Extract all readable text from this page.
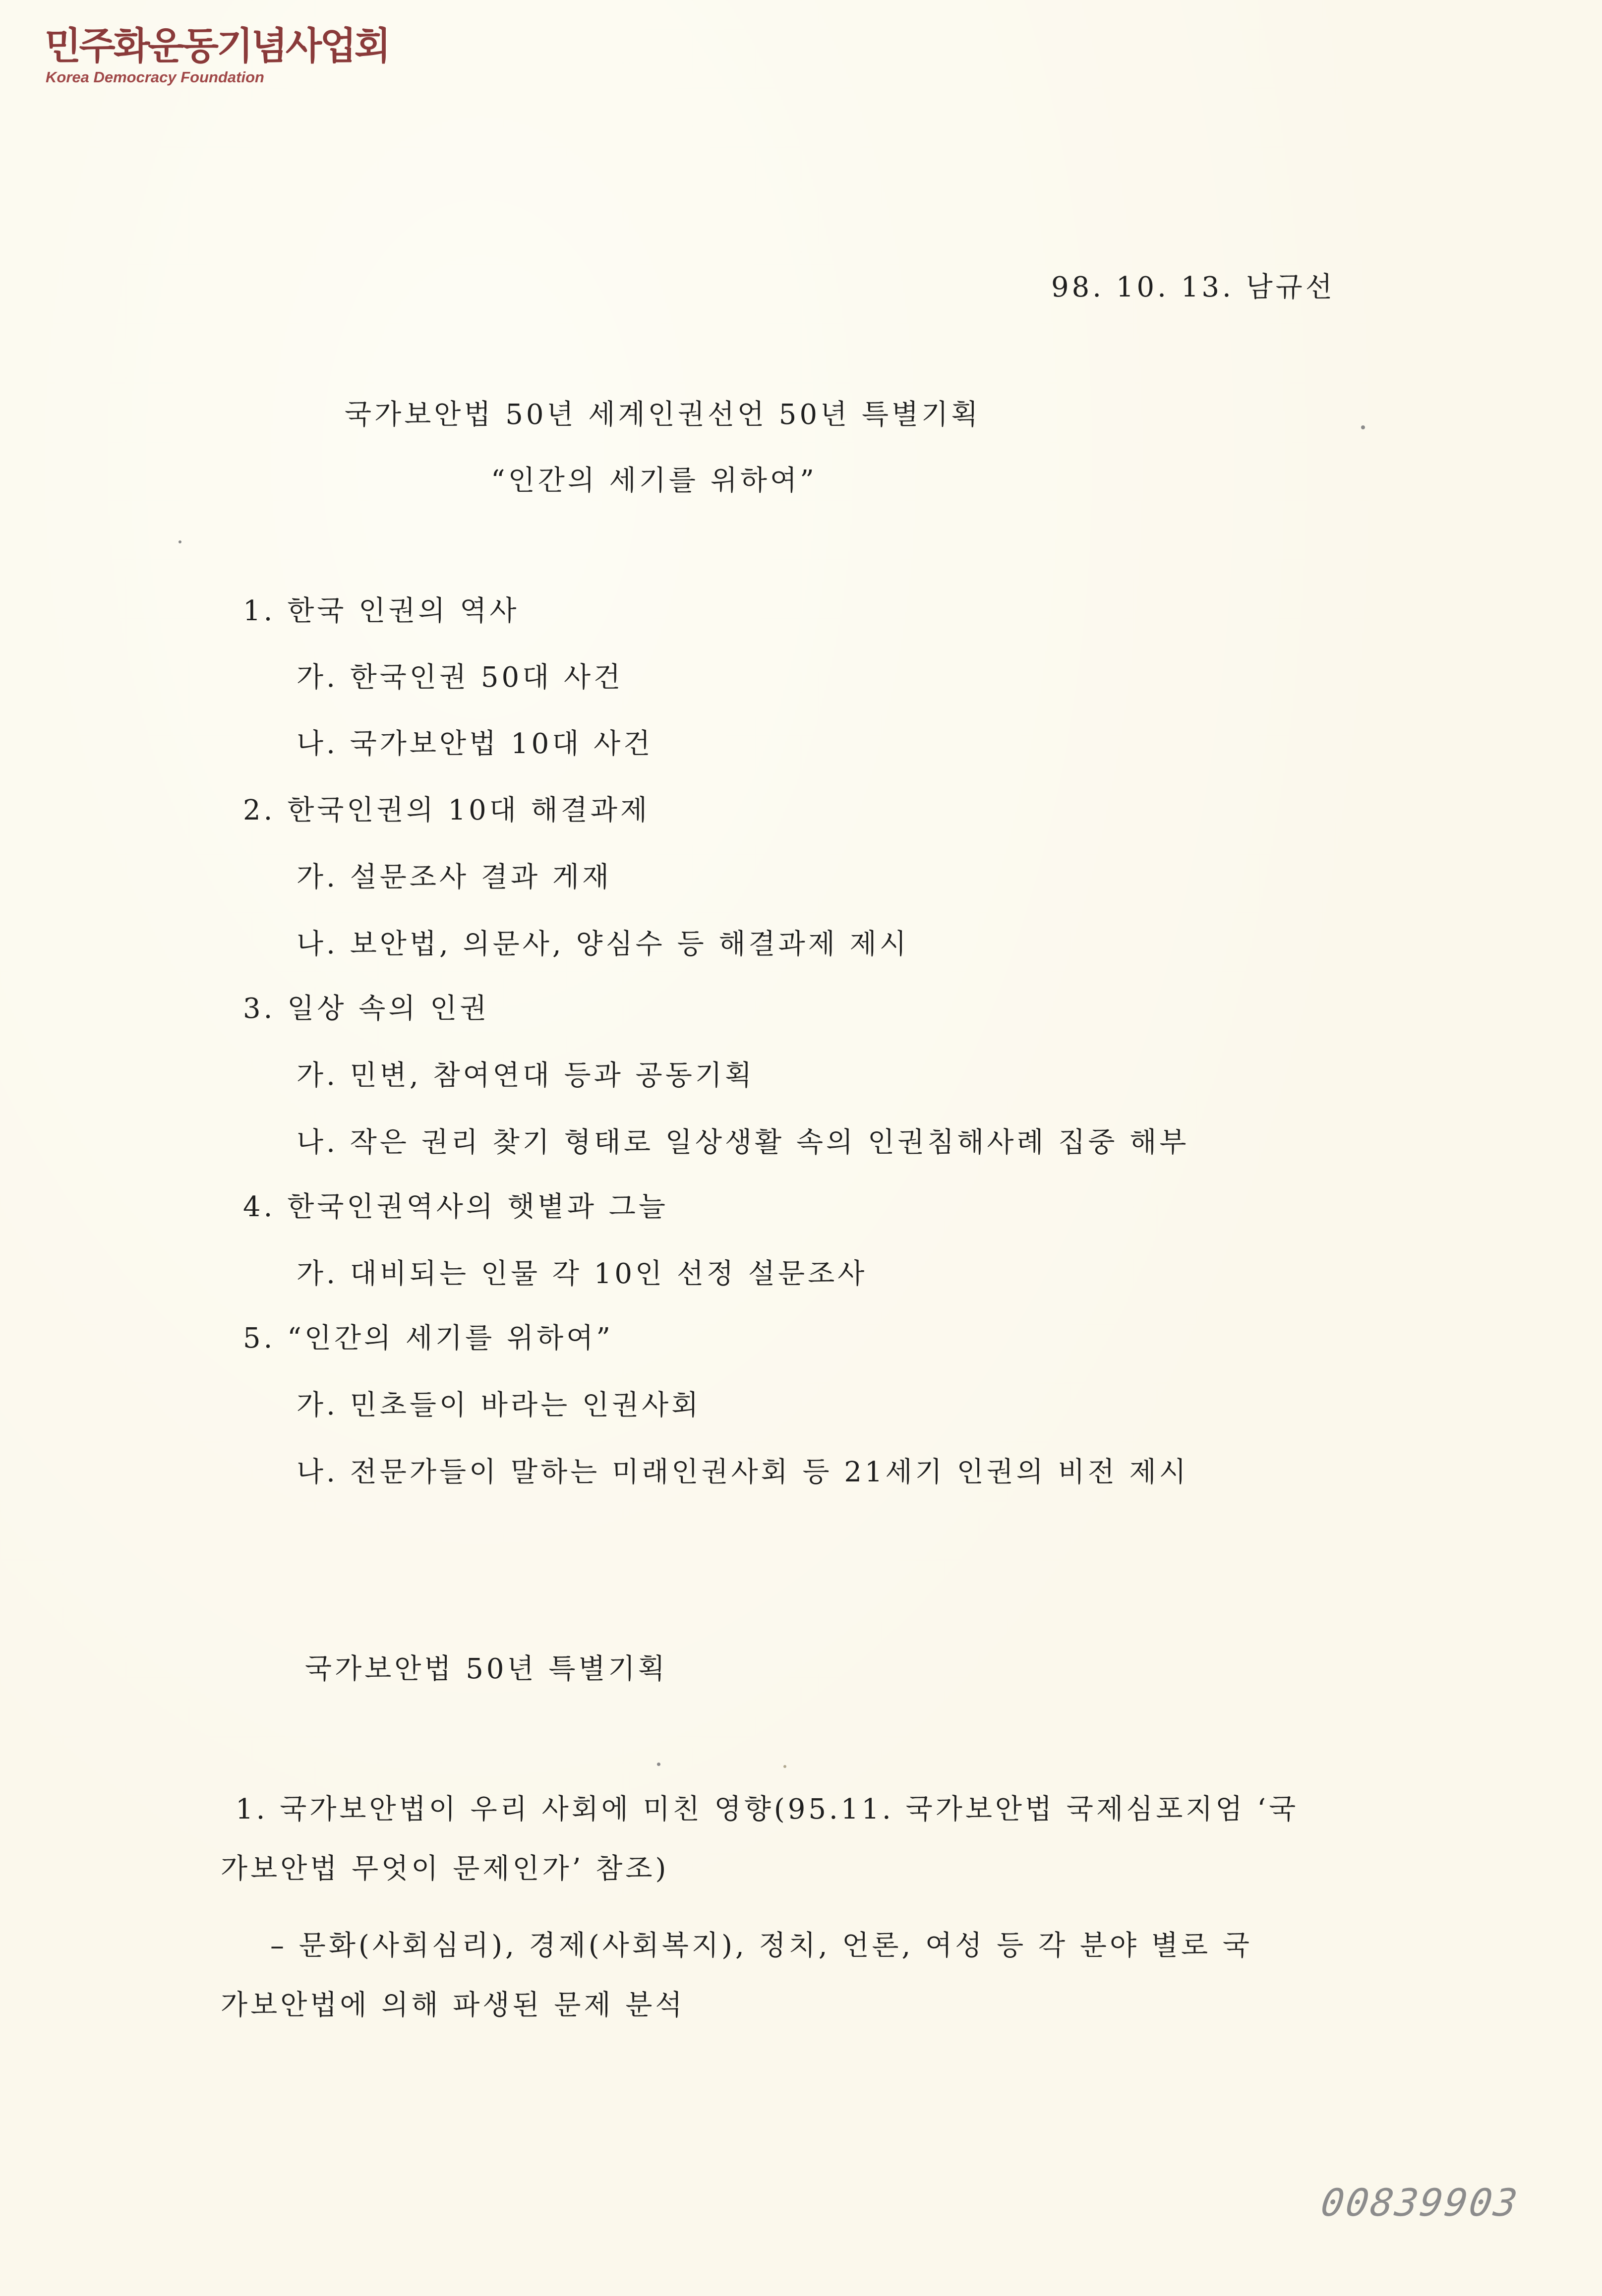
민주화운동기념사업회
Korea Democracy Foundation
98. 10. 13. 남규선
국가보안법 50년 세계인권선언 50년 특별기획
“인간의 세기를 위하여”
1. 한국 인권의 역사
가. 한국인권 50대 사건
나. 국가보안법 10대 사건
2. 한국인권의 10대 해결과제
가. 설문조사 결과 게재
나. 보안법, 의문사, 양심수 등 해결과제 제시
3. 일상 속의 인권
가. 민변, 참여연대 등과 공동기획
나. 작은 권리 찾기 형태로 일상생활 속의 인권침해사례 집중 해부
4. 한국인권역사의 햇볕과 그늘
가. 대비되는 인물 각 10인 선정 설문조사
5. “인간의 세기를 위하여”
가. 민초들이 바라는 인권사회
나. 전문가들이 말하는 미래인권사회 등 21세기 인권의 비전 제시
국가보안법 50년 특별기획
1. 국가보안법이 우리 사회에 미친 영향(95.11. 국가보안법 국제심포지엄 ‘국
가보안법 무엇이 문제인가’ 참조)
– 문화(사회심리), 경제(사회복지), 정치, 언론, 여성 등 각 분야 별로 국
가보안법에 의해 파생된 문제 분석
00839903
